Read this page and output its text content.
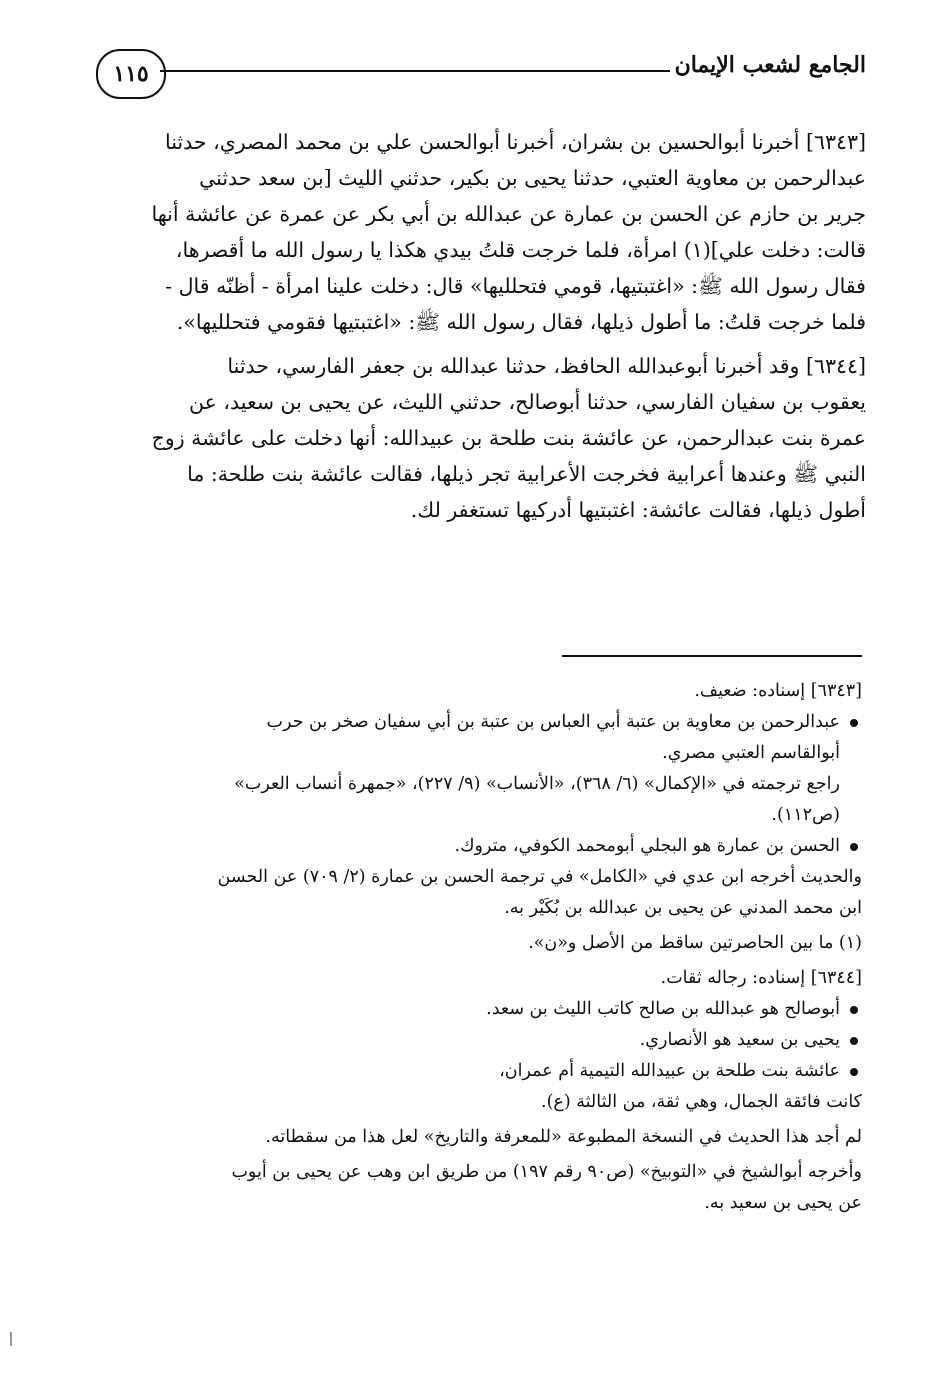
الجامع لشعب الإيمان
١١٥
[٦٣٤٣] أخبرنا أبوالحسين بن بشران، أخبرنا أبوالحسن علي بن محمد المصري، حدثنا
عبدالرحمن بن معاوية العتبي، حدثنا يحيى بن بكير، حدثني الليث [بن سعد حدثني
جرير بن حازم عن الحسن بن عمارة عن عبدالله بن أبي بكر عن عمرة عن عائشة أنها
قالت: دخلت علي](١) امرأة، فلما خرجت قلتُ بيدي هكذا يا رسول الله ما أقصرها،
فقال رسول الله ﷺ: «اغتبتيها، قومي فتحلليها» قال: دخلت علينا امرأة - أظنّه قال -
فلما خرجت قلتُ: ما أطول ذيلها، فقال رسول الله ﷺ: «اغتبتيها فقومي فتحلليها».
[٦٣٤٤] وقد أخبرنا أبوعبدالله الحافظ، حدثنا عبدالله بن جعفر الفارسي، حدثنا
يعقوب بن سفيان الفارسي، حدثنا أبوصالح، حدثني الليث، عن يحيى بن سعيد، عن
عمرة بنت عبدالرحمن، عن عائشة بنت طلحة بن عبيدالله: أنها دخلت على عائشة زوج
النبي ﷺ وعندها أعرابية فخرجت الأعرابية تجر ذيلها، فقالت عائشة بنت طلحة: ما
أطول ذيلها، فقالت عائشة: اغتبتيها أدركيها تستغفر لك.

[٦٣٤٣] إسناده: ضعيف.

عبدالرحمن بن معاوية بن عتبة أبي العباس بن عتبة بن أبي سفيان صخر بن حرب
أبوالقاسم العتبي مصري.

راجع ترجمته في «الإكمال» (٦/ ٣٦٨)، «الأنساب» (٩/ ٢٢٧)، «جمهرة أنساب العرب»
(ص١١٢).

الحسن بن عمارة هو البجلي أبومحمد الكوفي، متروك.

والحديث أخرجه ابن عدي في «الكامل» في ترجمة الحسن بن عمارة (٢/ ٧٠٩) عن الحسن
ابن محمد المدني عن يحيى بن عبدالله بن بُكَيْر به.

(١) ما بين الحاصرتين ساقط من الأصل و«ن».

[٦٣٤٤] إسناده: رجاله ثقات.

أبوصالح هو عبدالله بن صالح كاتب الليث بن سعد.

يحيى بن سعيد هو الأنصاري.

عائشة بنت طلحة بن عبيدالله التيمية أم عمران،

كانت فائقة الجمال، وهي ثقة، من الثالثة (ع).

لم أجد هذا الحديث في النسخة المطبوعة «للمعرفة والتاريخ» لعل هذا من سقطاته.

وأخرجه أبوالشيخ في «التوبيخ» (ص٩٠ رقم ١٩٧) من طريق ابن وهب عن يحيى بن أيوب
عن يحيى بن سعيد به.
